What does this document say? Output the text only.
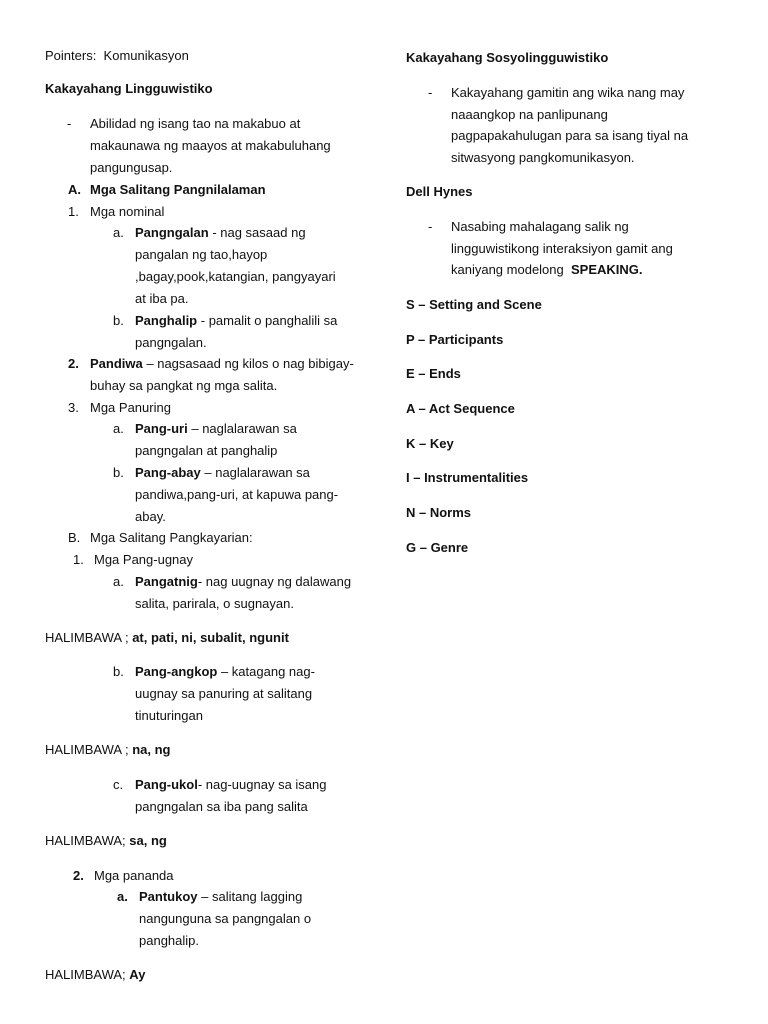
Pointers: Komunikasyon
Kakayahang Lingguwistiko
- Abilidad ng isang tao na makabuo at
makaunawa ng maayos at makabuluhang
pangungusap.
A. Mga Salitang Pangnilalaman
1. Mga nominal
a. Pangngalan - nag sasaad ng
pangalan ng tao,hayop
,bagay,pook,katangian, pangyayari
at iba pa.
b. Panghalip - pamalit o panghalili sa
pangngalan.
2. Pandiwa – nagsasaad ng kilos o nag bibigay-
buhay sa pangkat ng mga salita.
3. Mga Panuring
a. Pang-uri – naglalarawan sa
pangngalan at panghalip
b. Pang-abay – naglalarawan sa
pandiwa,pang-uri, at kapuwa pang-
abay.
B. Mga Salitang Pangkayarian:
1. Mga Pang-ugnay
a. Pangatnig- nag uugnay ng dalawang
salita, parirala, o sugnayan.
HALIMBAWA ; at, pati, ni, subalit, ngunit
b. Pang-angkop – katagang nag-
uugnay sa panuring at salitang
tinuturingan
HALIMBAWA ; na, ng
c. Pang-ukol- nag-uugnay sa isang
pangngalan sa iba pang salita
HALIMBAWA; sa, ng
2. Mga pananda
a. Pantukoy – salitang lagging
nangunguna sa pangngalan o
panghalip.
HALIMBAWA; Ay
Kakayahang Sosyolingguwistiko
- Kakayahang gamitin ang wika nang may
naaangkop na panlipunang
pagpapakahulugan para sa isang tiyal na
sitwasyong pangkomunikasyon.
Dell Hynes
- Nasabing mahalagang salik ng
lingguwistikong interaksiyon gamit ang
kaniyang modelong SPEAKING.
S – Setting and Scene
P – Participants
E – Ends
A – Act Sequence
K – Key
I – Instrumentalities
N – Norms
G – Genre
